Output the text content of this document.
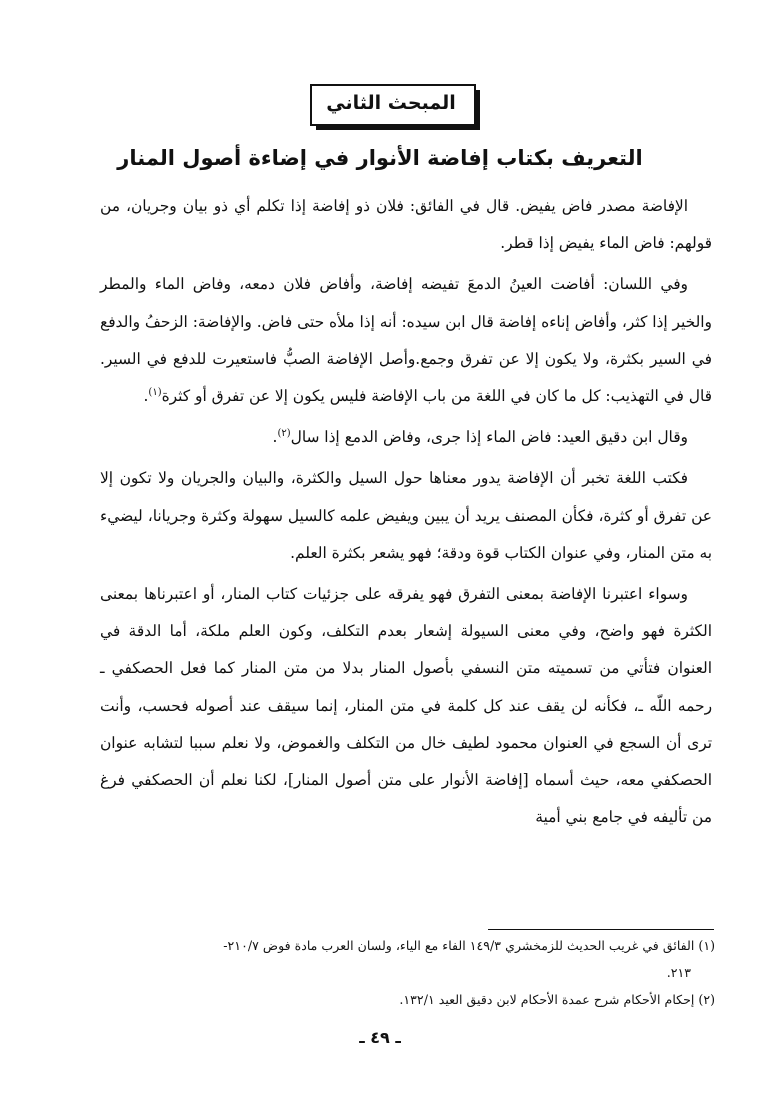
المبحث الثاني
التعريف بكتاب إفاضة الأنوار في إضاءة أصول المنار

الإفاضة مصدر فاض يفيض. قال في الفائق: فلان ذو إفاضة إذا تكلم أي ذو بيان وجريان، من قولهم: فاض الماء يفيض إذا قطر.

وفي اللسان: أفاضت العينُ الدمعَ تفيضه إفاضة، وأفاض فلان دمعه، وفاض الماء والمطر والخير إذا كثر، وأفاض إناءه إفاضة قال ابن سيده: أنه إذا ملأه حتى فاض. والإفاضة: الزحفُ والدفع في السير بكثرة، ولا يكون إلا عن تفرق وجمع.وأصل الإفاضة الصبُّ فاستعيرت للدفع في السير. قال في التهذيب: كل ما كان في اللغة من باب الإفاضة فليس يكون إلا عن تفرق أو كثرة$^{(١)}$.

وقال ابن دقيق العيد: فاض الماء إذا جرى، وفاض الدمع إذا سال$^{(٢)}$.

فكتب اللغة تخبر أن الإفاضة يدور معناها حول السيل والكثرة، والبيان والجريان ولا تكون إلا عن تفرق أو كثرة، فكأن المصنف يريد أن يبين ويفيض علمه كالسيل سهولة وكثرة وجريانا، ليضيء به متن المنار، وفي عنوان الكتاب قوة ودقة؛ فهو يشعر بكثرة العلم.

وسواء اعتبرنا الإفاضة بمعنى التفرق فهو يفرقه على جزئيات كتاب المنار، أو اعتبرناها بمعنى الكثرة فهو واضح، وفي معنى السيولة إشعار بعدم التكلف، وكون العلم ملكة، أما الدقة في العنوان فتأتي من تسميته متن النسفي بأصول المنار بدلا من متن المنار كما فعل الحصكفي ـ رحمه اللّه ـ، فكأنه لن يقف عند كل كلمة في متن المنار، إنما سيقف عند أصوله فحسب، وأنت ترى أن السجع في العنوان محمود لطيف خال من التكلف والغموض، ولا نعلم سببا لتشابه عنوان الحصكفي معه، حيث أسماه [إفاضة الأنوار على متن أصول المنار]، لكنا نعلم أن الحصكفي فرغ من تأليفه في جامع بني أمية

(١) الفائق في غريب الحديث للزمخشري ١٤٩/٣ الفاء مع الياء، ولسان العرب مادة فوض ٢١٠/٧-

٢١٣.

(٢) إحكام الأحكام شرح عمدة الأحكام لابن دقيق العيد ١٣٢/١.

ـ ٤٩ ـ
